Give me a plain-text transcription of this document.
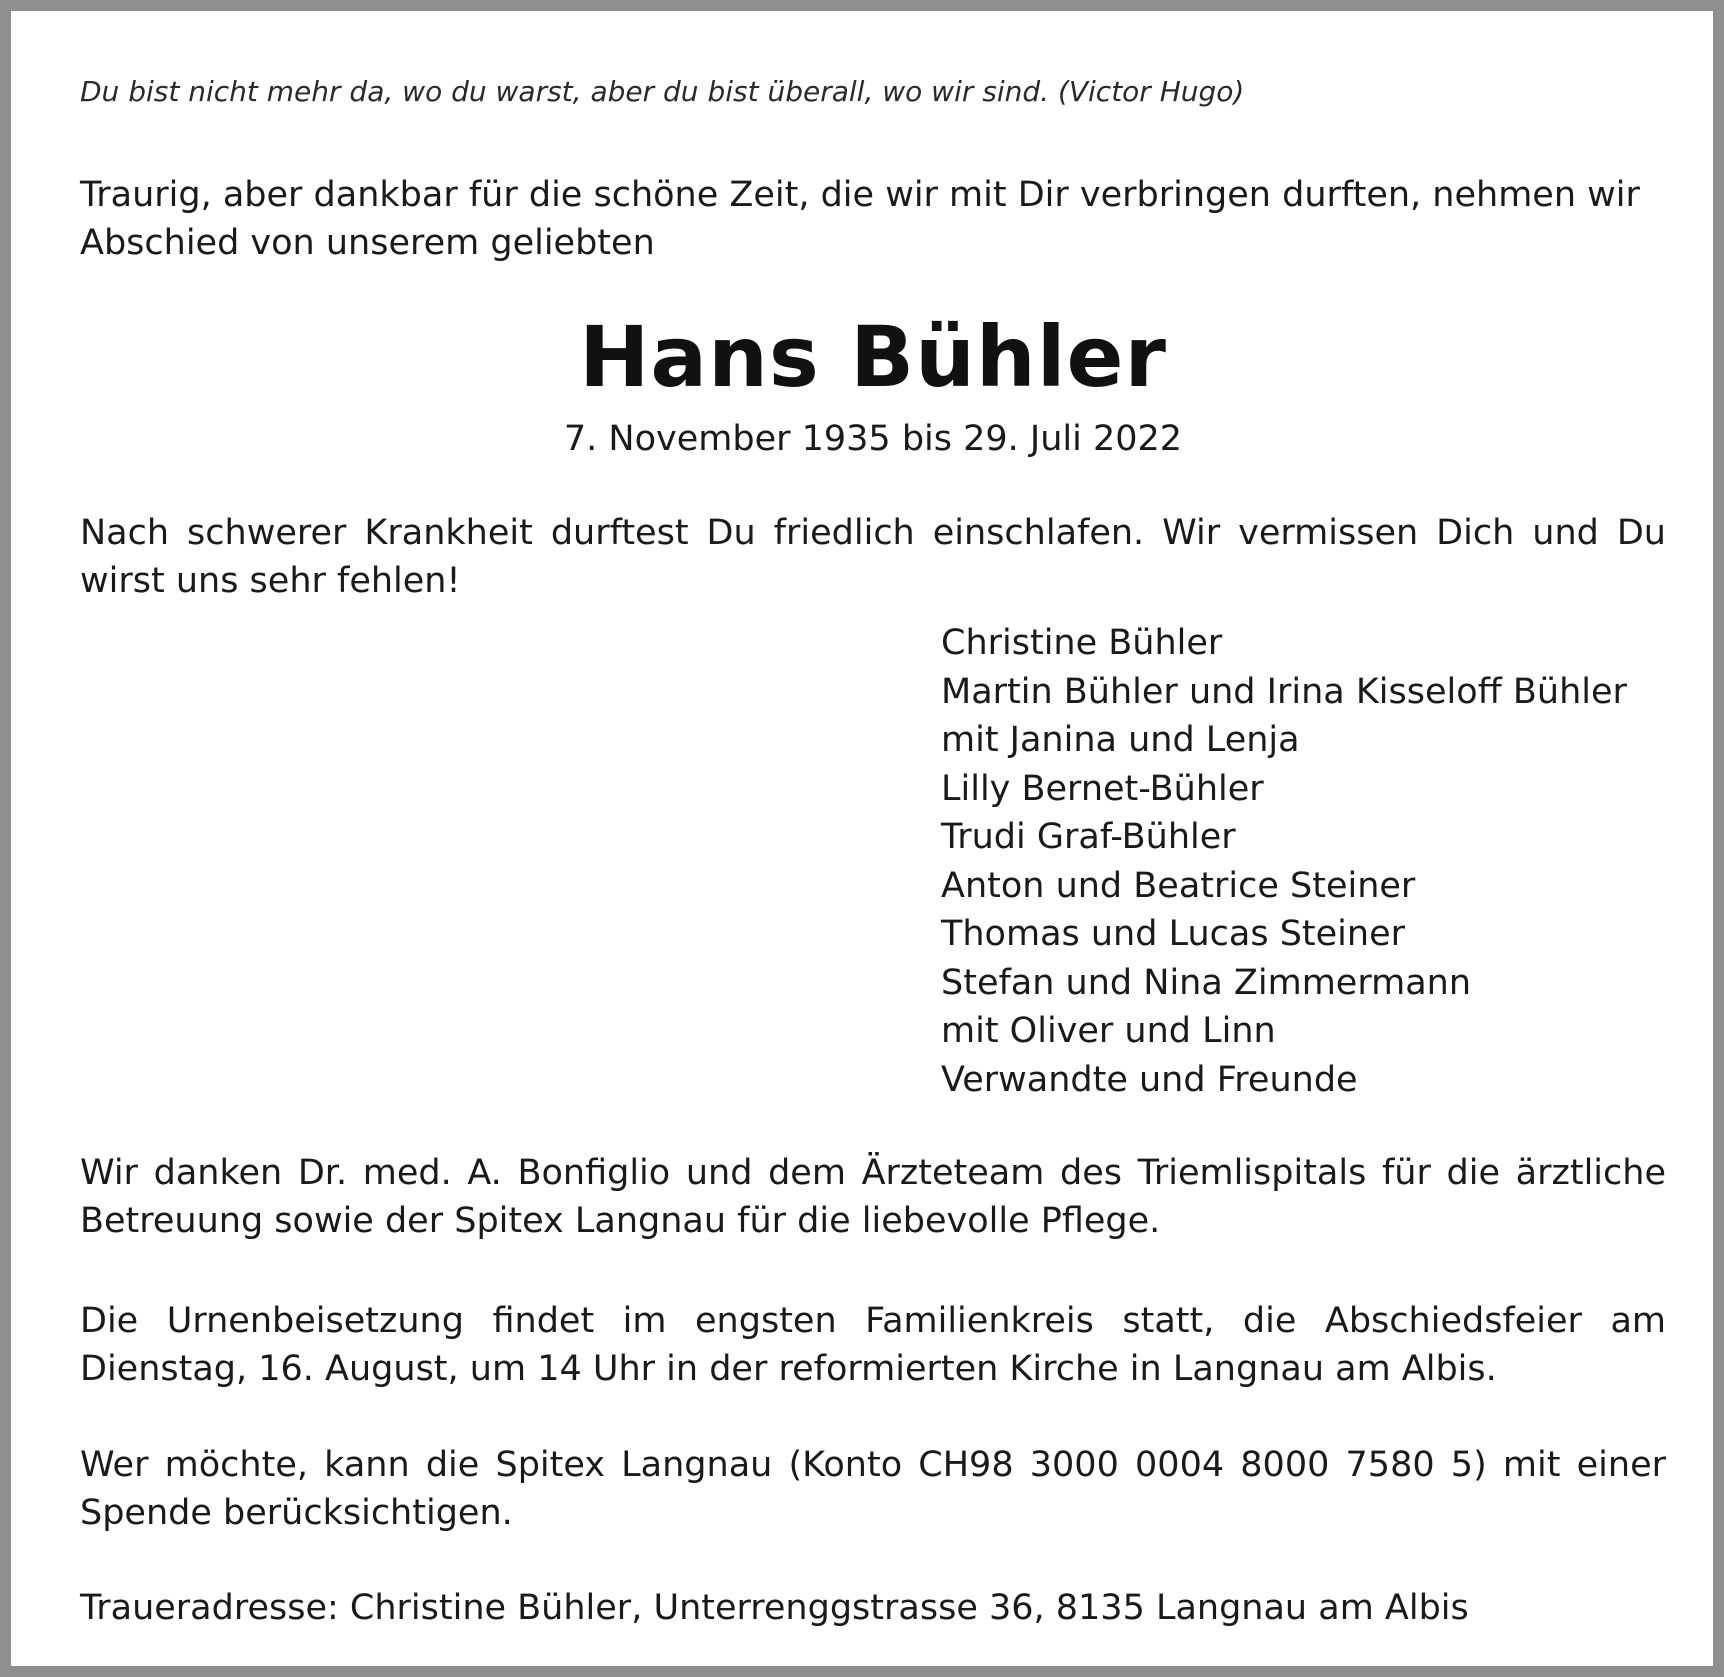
Du bist nicht mehr da, wo du warst, aber du bist überall, wo wir sind. (Victor Hugo)

Traurig, aber dankbar für die schöne Zeit, die wir mit Dir verbringen durften, nehmen wir Abschied von unserem geliebten

Hans Bühler

7. November 1935 bis 29. Juli 2022

Nach schwerer Krankheit durftest Du friedlich einschlafen. Wir vermissen Dich und Du wirst uns sehr fehlen!

Christine Bühler
Martin Bühler und Irina Kisseloff Bühler
mit Janina und Lenja
Lilly Bernet-Bühler
Trudi Graf-Bühler
Anton und Beatrice Steiner
Thomas und Lucas Steiner
Stefan und Nina Zimmermann
mit Oliver und Linn
Verwandte und Freunde

Wir danken Dr. med. A. Bonfiglio und dem Ärzteteam des Triemlispitals für die ärztliche Betreuung sowie der Spitex Langnau für die liebevolle Pflege.

Die Urnenbeisetzung findet im engsten Familienkreis statt, die Abschiedsfeier am Dienstag, 16. August, um 14 Uhr in der reformierten Kirche in Langnau am Albis.

Wer möchte, kann die Spitex Langnau (Konto CH98 3000 0004 8000 7580 5) mit einer Spende berücksichtigen.

Traueradresse: Christine Bühler, Unterrenggstrasse 36, 8135 Langnau am Albis
